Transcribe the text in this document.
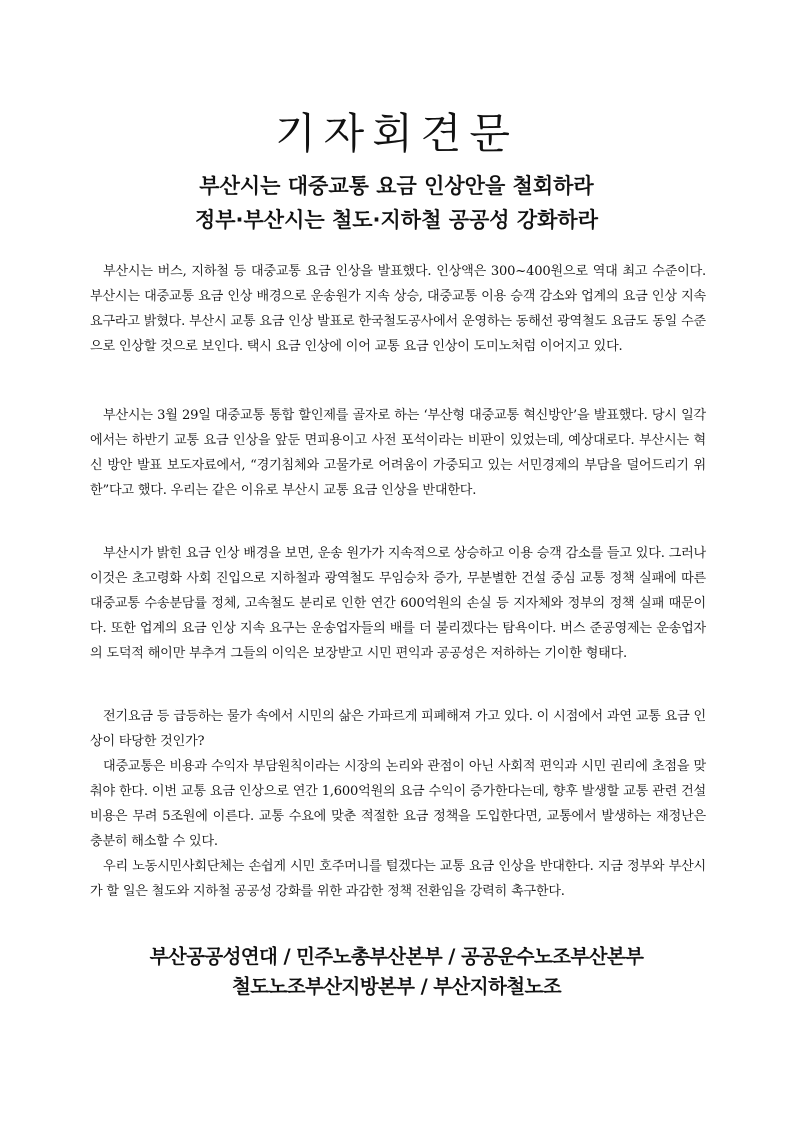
기자회견문
부산시는 대중교통 요금 인상안을 철회하라
정부·부산시는 철도·지하철 공공성 강화하라

부산시는 버스, 지하철 등 대중교통 요금 인상을 발표했다. 인상액은 300~400원으로 역대 최고 수준이다. 부산시는 대중교통 요금 인상 배경으로 운송원가 지속 상승, 대중교통 이용 승객 감소와 업계의 요금 인상 지속 요구라고 밝혔다. 부산시 교통 요금 인상 발표로 한국철도공사에서 운영하는 동해선 광역철도 요금도 동일 수준으로 인상할 것으로 보인다. 택시 요금 인상에 이어 교통 요금 인상이 도미노처럼 이어지고 있다.

부산시는 3월 29일 대중교통 통합 할인제를 골자로 하는 ‘부산형 대중교통 혁신방안’을 발표했다. 당시 일각에서는 하반기 교통 요금 인상을 앞둔 면피용이고 사전 포석이라는 비판이 있었는데, 예상대로다. 부산시는 혁신 방안 발표 보도자료에서, “경기침체와 고물가로 어려움이 가중되고 있는 서민경제의 부담을 덜어드리기 위한”다고 했다. 우리는 같은 이유로 부산시 교통 요금 인상을 반대한다.

부산시가 밝힌 요금 인상 배경을 보면, 운송 원가가 지속적으로 상승하고 이용 승객 감소를 들고 있다. 그러나 이것은 초고령화 사회 진입으로 지하철과 광역철도 무임승차 증가, 무분별한 건설 중심 교통 정책 실패에 따른 대중교통 수송분담률 정체, 고속철도 분리로 인한 연간 600억원의 손실 등 지자체와 정부의 정책 실패 때문이다. 또한 업계의 요금 인상 지속 요구는 운송업자들의 배를 더 불리겠다는 탐욕이다. 버스 준공영제는 운송업자의 도덕적 해이만 부추겨 그들의 이익은 보장받고 시민 편익과 공공성은 저하하는 기이한 형태다.

전기요금 등 급등하는 물가 속에서 시민의 삶은 가파르게 피폐해져 가고 있다. 이 시점에서 과연 교통 요금 인상이 타당한 것인가?

대중교통은 비용과 수익자 부담원칙이라는 시장의 논리와 관점이 아닌 사회적 편익과 시민 권리에 초점을 맞춰야 한다. 이번 교통 요금 인상으로 연간 1,600억원의 요금 수익이 증가한다는데, 향후 발생할 교통 관련 건설 비용은 무려 5조원에 이른다. 교통 수요에 맞춘 적절한 요금 정책을 도입한다면, 교통에서 발생하는 재정난은 충분히 해소할 수 있다.

우리 노동시민사회단체는 손쉽게 시민 호주머니를 털겠다는 교통 요금 인상을 반대한다. 지금 정부와 부산시가 할 일은 철도와 지하철 공공성 강화를 위한 과감한 정책 전환임을 강력히 촉구한다.

부산공공성연대 / 민주노총부산본부 / 공공운수노조부산본부
철도노조부산지방본부 / 부산지하철노조
